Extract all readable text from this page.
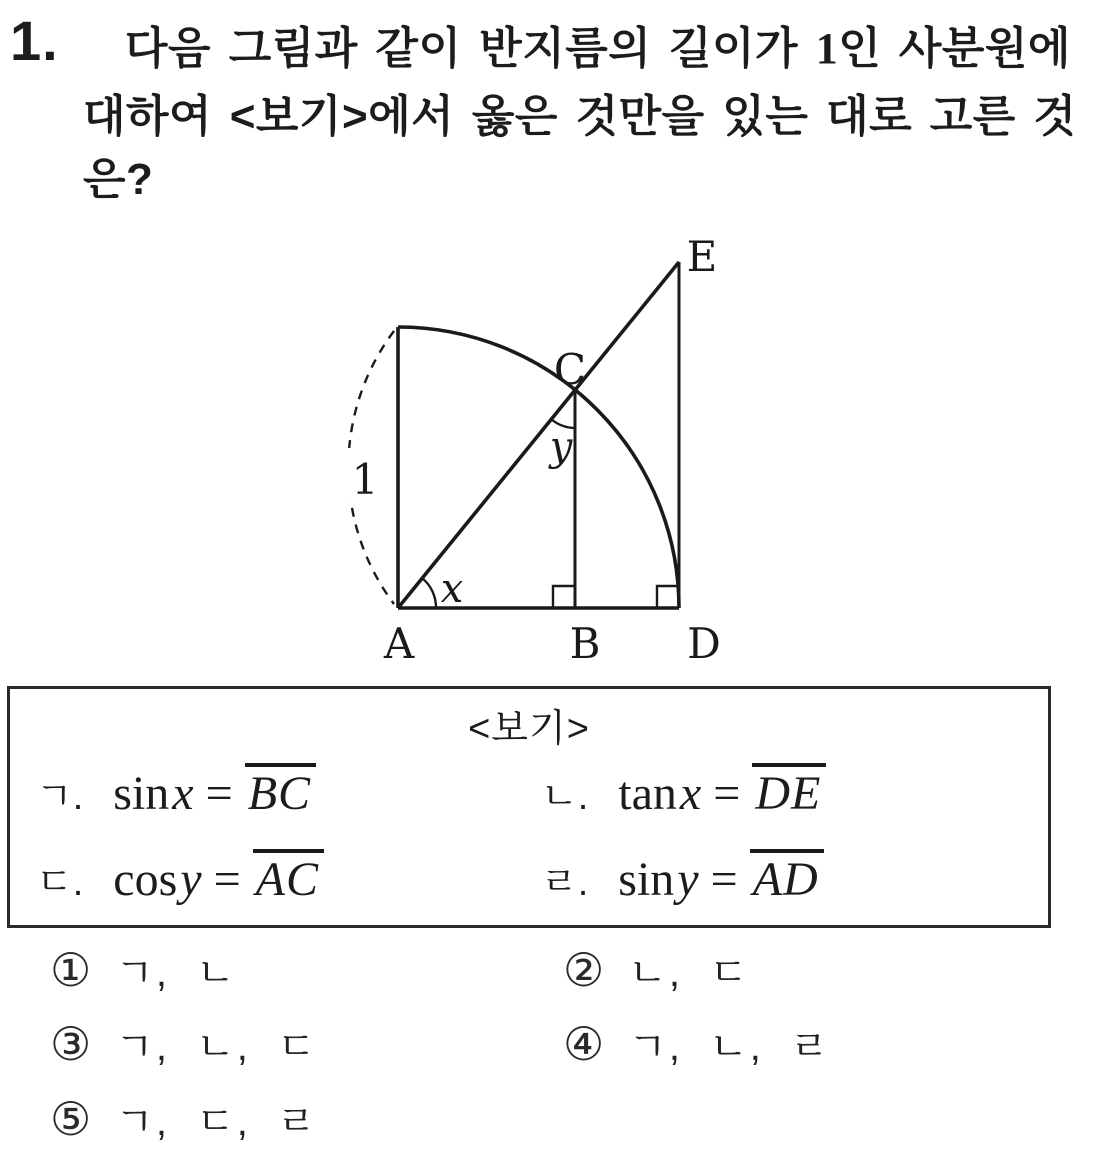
1. 다음 그림과 같이 반지름의 길이가 1인 사분원에
대하여 <보기>에서 옳은 것만을 있는 대로 고른 것
은?
A	B
C
D
E
1
x
y
<보기>
ㄱ. sinx = BC	ㄴ. tanx = DE
ㄷ. cosy = AC	ㄹ. siny = AD
① ㄱ, ㄴ	② ㄴ, ㄷ
③ ㄱ, ㄴ, ㄷ	④ ㄱ, ㄴ, ㄹ
⑤ ㄱ, ㄷ, ㄹ
